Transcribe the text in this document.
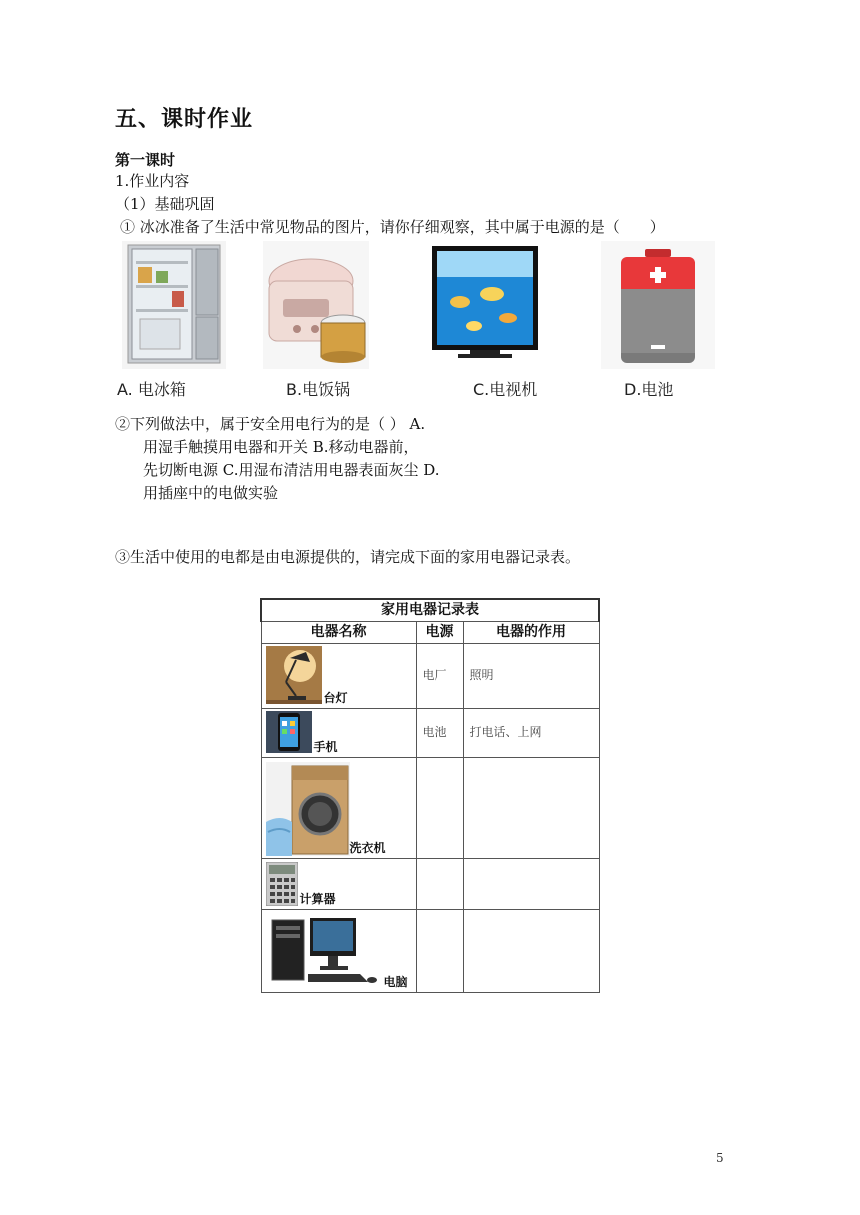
五、课时作业
第一课时
1.作业内容
（1）基础巩固
① 冰冰准备了生活中常见物品的图片，请你仔细观察，其中属于电源的是（　　）
A. 电冰箱	B.电饭锅	C.电视机	D.电池
②下列做法中，属于安全用电行为的是（ ） A.
用湿手触摸用电器和开关 B.移动电器前，
先切断电源 C.用湿布清洁用电器表面灰尘 D.
用插座中的电做实验
③生活中使用的电都是由电源提供的，请完成下面的家用电器记录表。
家用电器记录表		
电器名称	电源	电器的作用

台灯	电厂	照明

手机	电池	打电话、上网

洗衣机		

计算器		

电脑		

5
